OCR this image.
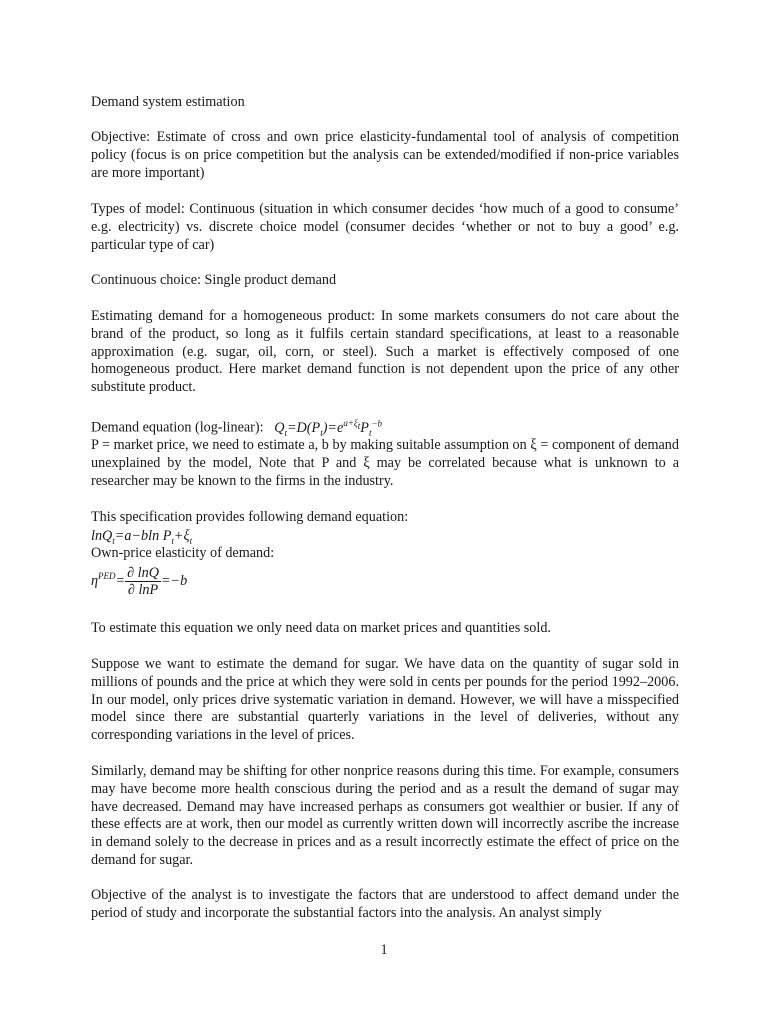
Demand system estimation

Objective: Estimate of cross and own price elasticity-fundamental tool of analysis of competition policy (focus is on price competition but the analysis can be extended/modified if non-price variables are more important)

Types of model: Continuous (situation in which consumer decides ‘how much of a good to consume’ e.g. electricity) vs. discrete choice model (consumer decides ‘whether or not to buy a good’ e.g. particular type of car)

Continuous choice: Single product demand

Estimating demand for a homogeneous product: In some markets consumers do not care about the brand of the product, so long as it fulfils certain standard specifications, at least to a reasonable approximation (e.g. sugar, oil, corn, or steel). Such a market is effectively composed of one homogeneous product. Here market demand function is not dependent upon the price of any other substitute product.

Demand equation (log-linear):   $Q_t=D(P_t)=e^{a+\xi_t}P_t^{-b}$

P = market price, we need to estimate a, b by making suitable assumption on ξ = component of demand unexplained by the model, Note that P and ξ may be correlated because what is unknown to a researcher may be known to the firms in the industry.

This specification provides following demand equation:

lnQ$_t$=a−bln $P_t+\xi_t$

Own-price elasticity of demand:

$\eta^{PED}= \frac{\partial \ln Q}{\partial \ln P} =-b$

To estimate this equation we only need data on market prices and quantities sold.

Suppose we want to estimate the demand for sugar. We have data on the quantity of sugar sold in millions of pounds and the price at which they were sold in cents per pounds for the period 1992–2006. In our model, only prices drive systematic variation in demand. However, we will have a misspecified model since there are substantial quarterly variations in the level of deliveries, without any corresponding variations in the level of prices.

Similarly, demand may be shifting for other nonprice reasons during this time. For example, consumers may have become more health conscious during the period and as a result the demand of sugar may have decreased. Demand may have increased perhaps as consumers got wealthier or busier. If any of these effects are at work, then our model as currently written down will incorrectly ascribe the increase in demand solely to the decrease in prices and as a result incorrectly estimate the effect of price on the demand for sugar.

Objective of the analyst is to investigate the factors that are understood to affect demand under the period of study and incorporate the substantial factors into the analysis. An analyst simply

1
